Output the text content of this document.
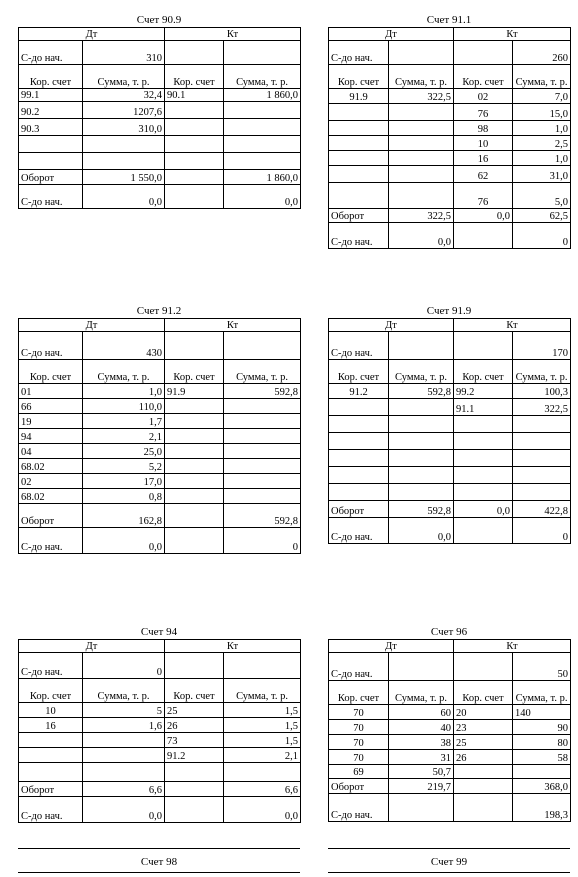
Счет 90.9
Дт		Кт	
С-до нач.	310		
Кор. счет	Сумма, т. р.	Кор. счет	Сумма, т. р.
99.1	32,4	90.1	1 860,0
90.2	1207,6		
90.3	310,0		

Оборот	1 550,0		1 860,0
С-до нач.	0,0		0,0
Счет 91.1
Дт		Кт	
С-до нач.			260
Кор. счет	Сумма, т. р.	Кор. счет	Сумма, т. р.
91.9	322,5	02	7,0
		76	15,0
		98	1,0
		10	2,5
		16	1,0
		62	31,0
		76	5,0
Оборот	322,5	0,0	62,5
С-до нач.	0,0		0
Счет 91.2
Дт		Кт	
С-до нач.	430		
Кор. счет	Сумма, т. р.	Кор. счет	Сумма, т. р.
01	1,0	91.9	592,8
66	110,0		
19	1,7		
94	2,1		
04	25,0		
68.02	5,2		
02	17,0		
68.02	0,8		
Оборот	162,8		592,8
С-до нач.	0,0		0
Счет 91.9
Дт		Кт	
С-до нач.			170
Кор. счет	Сумма, т. р.	Кор. счет	Сумма, т. р.
91.2	592,8	99.2	100,3
		91.1	322,5

Оборот	592,8	0,0	422,8
С-до нач.	0,0		0
Счет 94
Дт		Кт	
С-до нач.	0		
Кор. счет	Сумма, т. р.	Кор. счет	Сумма, т. р.
10	5	25	1,5
16	1,6	26	1,5
		73	1,5
		91.2	2,1

Оборот	6,6		6,6
С-до нач.	0,0		0,0
Счет 96
Дт		Кт	
С-до нач.			50
Кор. счет	Сумма, т. р.	Кор. счет	Сумма, т. р.
70	60	20	140
70	40	23	90
70	38	25	80
70	31	26	58
69	50,7		
Оборот	219,7		368,0
С-до нач.			198,3
Счет 98	Счет 99
